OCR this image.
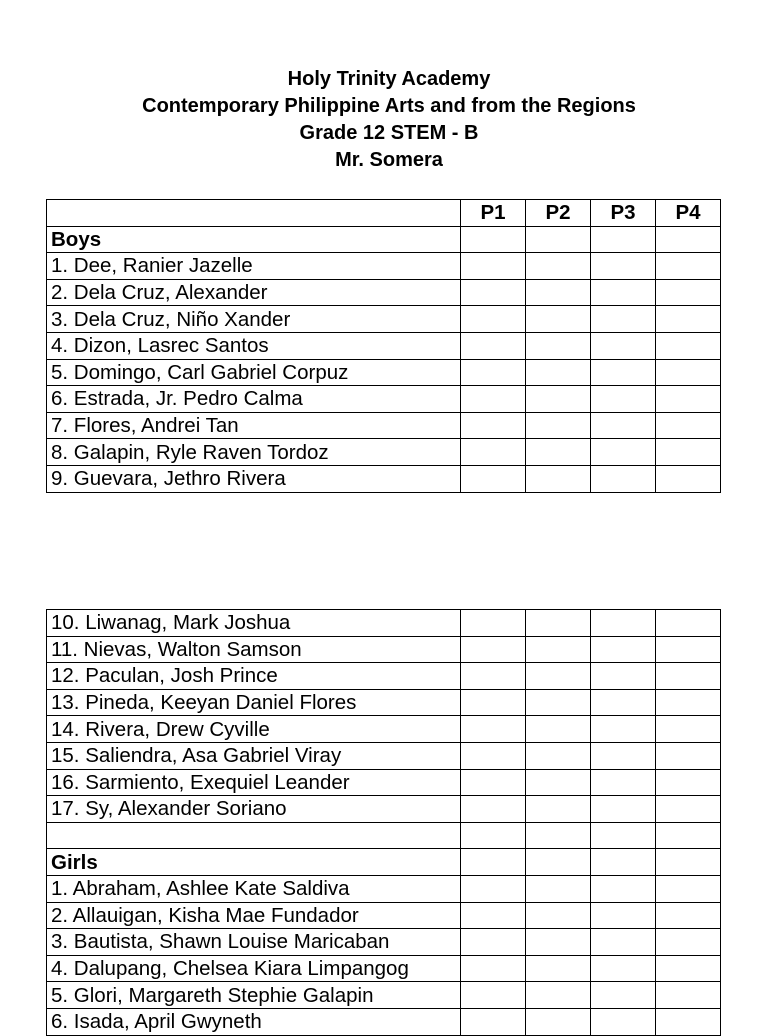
Holy Trinity Academy
Contemporary Philippine Arts and from the Regions
Grade 12 STEM - B
Mr. Somera
	P1	P2	P3	P4
Boys				
1. Dee, Ranier Jazelle				
2. Dela Cruz, Alexander				
3. Dela Cruz, Niño Xander				
4. Dizon, Lasrec Santos				
5. Domingo, Carl Gabriel Corpuz				
6. Estrada, Jr. Pedro Calma				
7. Flores, Andrei Tan				
8. Galapin, Ryle Raven Tordoz				
9. Guevara, Jethro Rivera				
10. Liwanag, Mark Joshua				
11. Nievas, Walton Samson				
12. Paculan, Josh Prince				
13. Pineda, Keeyan Daniel Flores				
14. Rivera, Drew Cyville				
15. Saliendra, Asa Gabriel Viray				
16. Sarmiento, Exequiel Leander				
17. Sy, Alexander Soriano				

Girls				
1. Abraham, Ashlee Kate Saldiva				
2. Allauigan, Kisha Mae Fundador				
3. Bautista, Shawn Louise Maricaban				
4. Dalupang, Chelsea Kiara Limpangog				
5. Glori, Margareth Stephie Galapin				
6. Isada, April Gwyneth				
